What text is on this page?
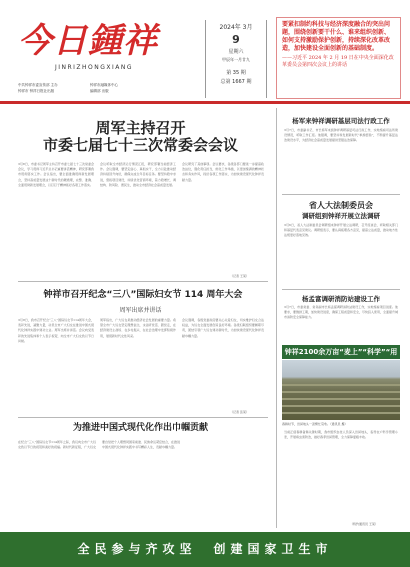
今日鍾祥
JINRIZHONGXIANG
中共钟祥市委宣传部 主办
钟祥市 钟祥日报社出版
钟祥市融媒体中心
编辑部 出版
2024年 3月
9
星期六
甲辰年一月廿九
第 35 期
总第 1667 期
要紧扣制约科技与经济深度融合的突出问题，围绕创新要干什么、谁来组织创新、如何支持激励保护创新，持续深化改革改造，加快建设全面创新的基础制度。
——习近平 2024 年 2 月 19 日在中央全面深化改革委员会第四次会议上的讲话
周军主持召开
市委七届七十三次常委会会议
3月8日，市委书记周军主持召开市委七届七十三次常委会会议，学习贯彻习近平总书记重要讲话精神，研究部署我市贯彻落实工作。会议指出，要全面准确贯彻新发展理念，坚持高质量发展这个新时代的硬道理，完整、准确、全面贯彻新发展理念，以钉钉子精神抓好各项工作落实。
会议听取全市经济运行情况汇报，研究部署当前经济工作。会议强调，要坚定信心、真抓实干，全力以赴推动经济持续回升向好，确保完成全年目标任务。要坚持稳中求进，狠抓项目建设，持续优化营商环境，着力稳增长、调结构、防风险、惠民生，推动全市经济社会高质量发展。
会议研究了其他事项。会议要求，各级各部门要进一步提高政治站位，强化责任担当，细化工作举措，以更加饱满的精神状态和务实作风，抓好各项工作落实，为加快建设现代化钟祥贡献力量。
（记者 王某）
钟祥市召开纪念“三八”国际妇女节 114 周年大会
周军出席并讲话
3月8日，我市召开纪念“三八”国际妇女节114周年大会，表彰先进，凝聚力量，动员全市广大妇女在推进中国式现代化钟祥实践中建功立业。周军出席并讲话。会议向受表彰的先进集体和个人表示祝贺，向全市广大妇女致以节日问候。
周军指出，广大妇女是推动经济社会发展的重要力量。希望全市广大妇女坚定理想信念，永远听党话、跟党走，在经济建设主战场、在乡村振兴、在社会治理中发挥积极作用，展现新时代女性风采。
会议强调，各级党委政府要关心关爱妇女，切实维护妇女合法权益，为妇女全面发展创造良好环境。各级妇联组织要履职尽责，团结引领广大妇女建功新时代，为加快建设现代化钟祥贡献巾帼力量。
（记者 张某）
为推进中国式现代化作出巾帼贡献
在纪念“三八”国际妇女节114周年之际，我们向全市广大妇女致以节日的祝贺和美好的祝福。新时代新征程，广大妇女要自觉把个人理想同国家前途、民族命运紧密结合，在推进中国式现代化钟祥实践中书写精彩人生，贡献巾帼力量。
杨军来钟祥调研基层司法行政工作
3月7日，市委副书记、市长杨军来到钟祥调研基层司法行政工作，实地察看司法所建设情况，听取工作汇报。他强调，要坚持和发展新时代“枫桥经验”，不断提升基层法治建设水平，为经济社会高质量发展提供坚强法治保障。
省人大法制委员会
调研组到钟祥开展立法调研
3月6日，省人大法制委员会调研组来钟祥开展立法调研，召开座谈会，听取相关部门和基层代表意见建议。调研组表示，要认真梳理各方意见，提高立法质量，推动地方性法规更好落地见效。
杨孟富调研消防站建设工作
3月7日，市委常委、常务副市长杨孟富调研消防站建设工作，实地察看项目进度。他要求，要倒排工期，加快建设进度，确保工程质量和安全，尽快投入使用，全面提升城市消防安全保障能力。
钟祥2100余万亩“麦上”“科学”“用
春耕时节，田间地头一派繁忙景象。（通讯员 摄）
当前正值春耕备耕关键时期，我市组织农技人员深入田间地头，指导农户科学管理小麦，开展病虫害防治，做好春季田间管理，全力保障夏粮丰收。
（特约通讯员 王某）
全民参与齐攻坚　创建国家卫生市
